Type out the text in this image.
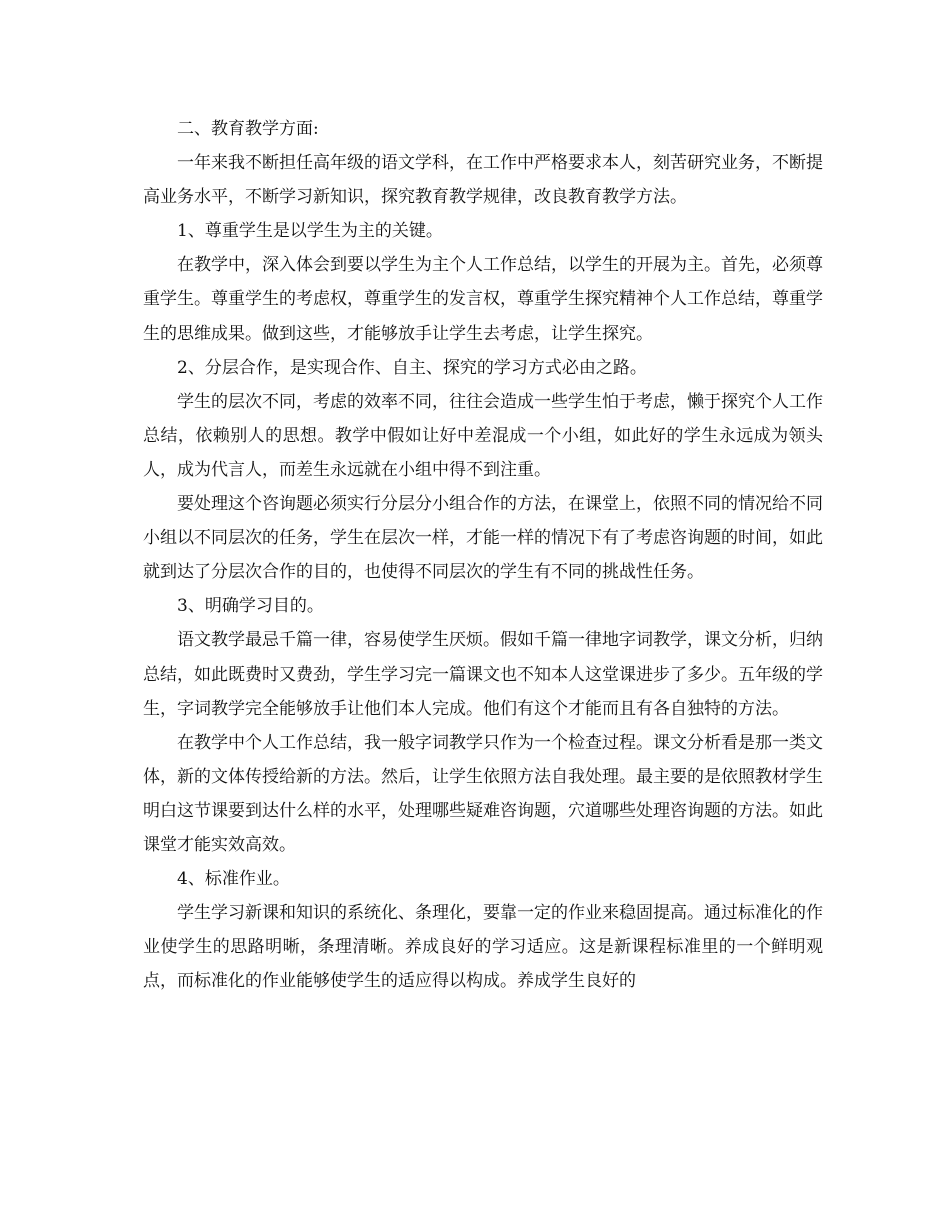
二、教育教学方面:

一年来我不断担任高年级的语文学科，在工作中严格要求本人，刻苦研究业务，不断提高业务水平，不断学习新知识，探究教育教学规律，改良教育教学方法。

1、尊重学生是以学生为主的关键。

在教学中，深入体会到要以学生为主个人工作总结，以学生的开展为主。首先，必须尊重学生。尊重学生的考虑权，尊重学生的发言权，尊重学生探究精神个人工作总结，尊重学生的思维成果。做到这些，才能够放手让学生去考虑，让学生探究。

2、分层合作，是实现合作、自主、探究的学习方式必由之路。

学生的层次不同，考虑的效率不同，往往会造成一些学生怕于考虑，懒于探究个人工作总结，依赖别人的思想。教学中假如让好中差混成一个小组，如此好的学生永远成为领头人，成为代言人，而差生永远就在小组中得不到注重。

要处理这个咨询题必须实行分层分小组合作的方法，在课堂上，依照不同的情况给不同小组以不同层次的任务，学生在层次一样，才能一样的情况下有了考虑咨询题的时间，如此就到达了分层次合作的目的，也使得不同层次的学生有不同的挑战性任务。

3、明确学习目的。

语文教学最忌千篇一律，容易使学生厌烦。假如千篇一律地字词教学，课文分析，归纳总结，如此既费时又费劲，学生学习完一篇课文也不知本人这堂课进步了多少。五年级的学生，字词教学完全能够放手让他们本人完成。他们有这个才能而且有各自独特的方法。

在教学中个人工作总结，我一般字词教学只作为一个检查过程。课文分析看是那一类文体，新的文体传授给新的方法。然后，让学生依照方法自我处理。最主要的是依照教材学生明白这节课要到达什么样的水平，处理哪些疑难咨询题，穴道哪些处理咨询题的方法。如此课堂才能实效高效。

4、标准作业。

学生学习新课和知识的系统化、条理化，要靠一定的作业来稳固提高。通过标准化的作业使学生的思路明晰，条理清晰。养成良好的学习适应。这是新课程标准里的一个鲜明观点，而标准化的作业能够使学生的适应得以构成。养成学生良好的
